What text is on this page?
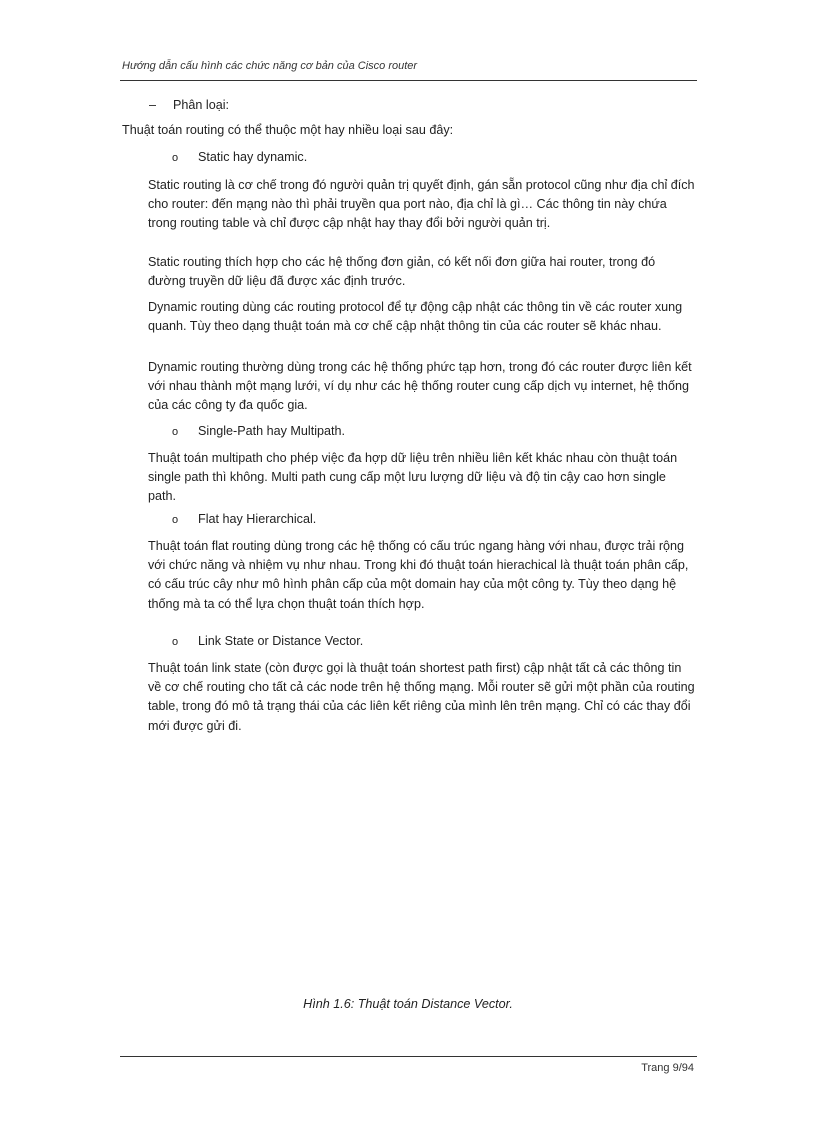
Hướng dẫn cấu hình các chức năng cơ bản của Cisco router
– Phân loại:
Thuật toán routing có thể thuộc một hay nhiều loại sau đây:
o Static hay dynamic.
Static routing là cơ chế trong đó người quản trị quyết định, gán sẵn protocol cũng như địa chỉ đích cho router: đến mạng nào thì phải truyền qua port nào, địa chỉ là gì… Các thông tin này chứa trong routing table và chỉ được cập nhật hay thay đổi bởi người quản trị.
Static routing thích hợp cho các hệ thống đơn giản, có kết nối đơn giữa hai router, trong đó đường truyền dữ liệu đã được xác định trước.
Dynamic routing dùng các routing protocol để tự động cập nhật các thông tin về các router xung quanh. Tùy theo dạng thuật toán mà cơ chế cập nhật thông tin của các router sẽ khác nhau.
Dynamic routing thường dùng trong các hệ thống phức tạp hơn, trong đó các router được liên kết với nhau thành một mạng lưới, ví dụ như các hệ thống router cung cấp dịch vụ internet, hệ thống của các công ty đa quốc gia.
o Single-Path hay Multipath.
Thuật toán multipath cho phép việc đa hợp dữ liệu trên nhiều liên kết khác nhau còn thuật toán single path thì không. Multi path cung cấp một lưu lượng dữ liệu và độ tin cậy cao hơn single path.
o Flat hay Hierarchical.
Thuật toán flat routing dùng trong các hệ thống có cấu trúc ngang hàng với nhau, được trải rộng với chức năng và nhiệm vụ như nhau. Trong khi đó thuật toán hierachical là thuật toán phân cấp, có cấu trúc cây như mô hình phân cấp của một domain hay của một công ty. Tùy theo dạng hệ thống mà ta có thể lựa chọn thuật toán thích hợp.
o Link State or Distance Vector.
Thuật toán link state (còn được gọi là thuật toán shortest path first) cập nhật tất cả các thông tin về cơ chế routing cho tất cả các node trên hệ thống mạng. Mỗi router sẽ gửi một phần của routing table, trong đó mô tả trạng thái của các liên kết riêng của mình lên trên mạng. Chỉ có các thay đổi mới được gửi đi.
Hình 1.6: Thuật toán Distance Vector.
Trang 9/94
